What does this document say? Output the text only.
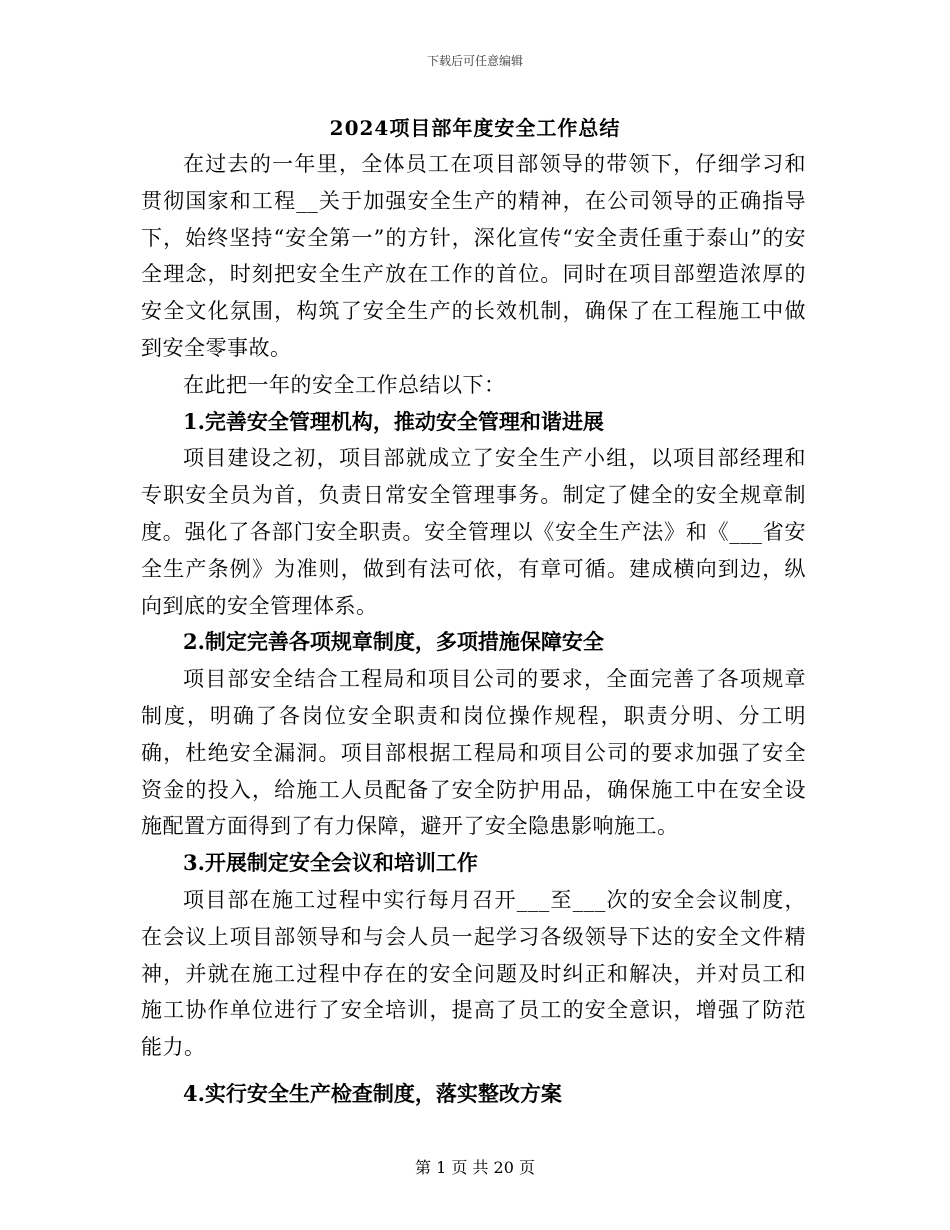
下载后可任意编辑
2024项目部年度安全工作总结

在过去的一年里，全体员工在项目部领导的带领下，仔细学习和贯彻国家和工程__关于加强安全生产的精神，在公司领导的正确指导下，始终坚持“安全第一”的方针，深化宣传“安全责任重于泰山”的安全理念，时刻把安全生产放在工作的首位。同时在项目部塑造浓厚的安全文化氛围，构筑了安全生产的长效机制，确保了在工程施工中做到安全零事故。

在此把一年的安全工作总结以下：

1.完善安全管理机构，推动安全管理和谐进展

项目建设之初，项目部就成立了安全生产小组，以项目部经理和专职安全员为首，负责日常安全管理事务。制定了健全的安全规章制度。强化了各部门安全职责。安全管理以《安全生产法》和《___省安全生产条例》为准则，做到有法可依，有章可循。建成横向到边，纵向到底的安全管理体系。

2.制定完善各项规章制度，多项措施保障安全

项目部安全结合工程局和项目公司的要求，全面完善了各项规章制度，明确了各岗位安全职责和岗位操作规程，职责分明、分工明确，杜绝安全漏洞。项目部根据工程局和项目公司的要求加强了安全资金的投入，给施工人员配备了安全防护用品，确保施工中在安全设施配置方面得到了有力保障，避开了安全隐患影响施工。

3.开展制定安全会议和培训工作

项目部在施工过程中实行每月召开___至___次的安全会议制度，在会议上项目部领导和与会人员一起学习各级领导下达的安全文件精神，并就在施工过程中存在的安全问题及时纠正和解决，并对员工和施工协作单位进行了安全培训，提高了员工的安全意识，增强了防范能力。

4.实行安全生产检查制度，落实整改方案

第 1 页 共 20 页
